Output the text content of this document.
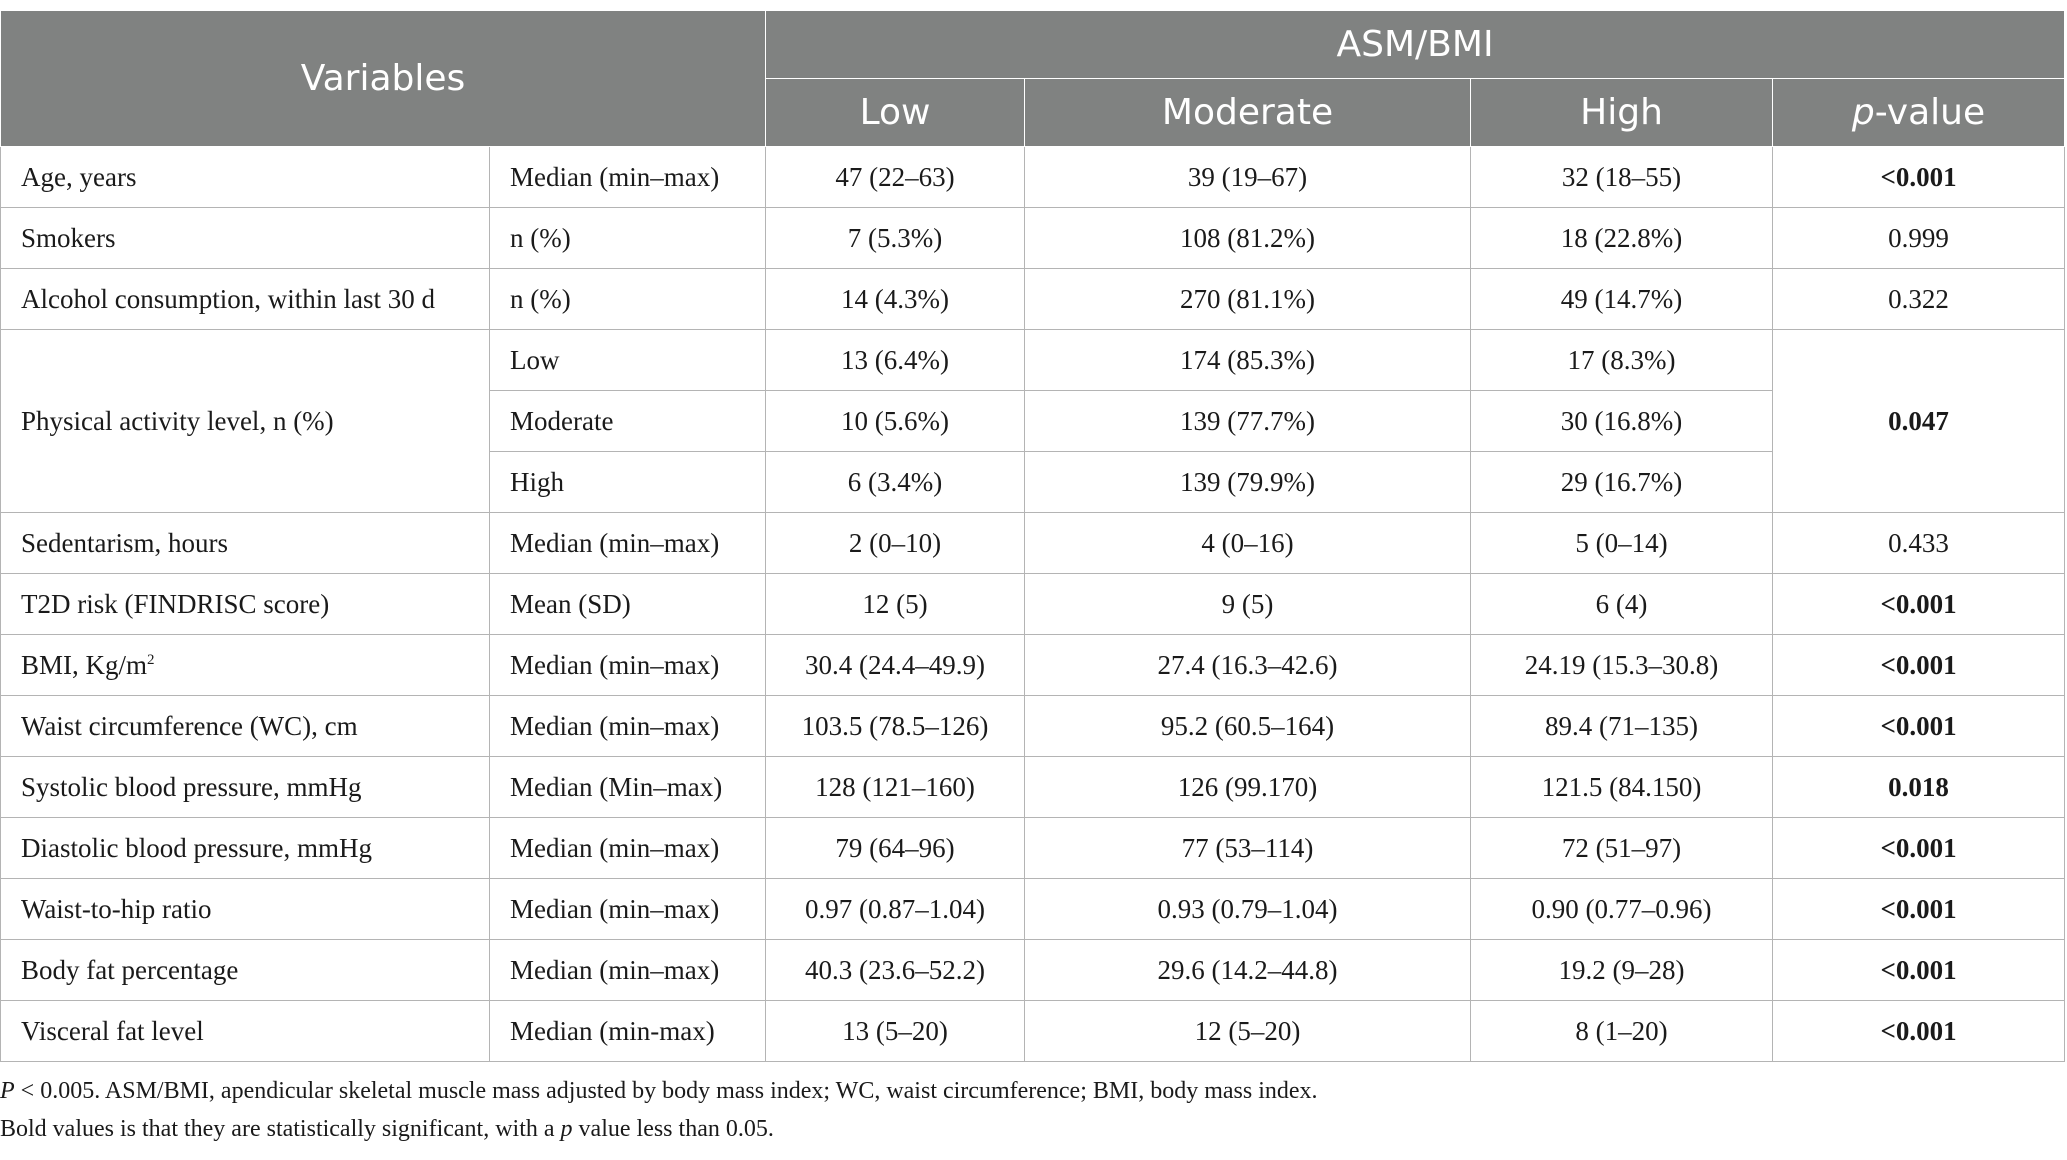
Variables		ASM/BMI			
		Low	Moderate	High	p-value
Age, years	Median (min–max)	47 (22–63)	39 (19–67)	32 (18–55)	<0.001
Smokers	n (%)	7 (5.3%)	108 (81.2%)	18 (22.8%)	0.999
Alcohol consumption, within last 30 d	n (%)	14 (4.3%)	270 (81.1%)	49 (14.7%)	0.322
Physical activity level, n (%)	Low	13 (6.4%)	174 (85.3%)	17 (8.3%)	0.047
	Moderate	10 (5.6%)	139 (77.7%)	30 (16.8%)	
	High	6 (3.4%)	139 (79.9%)	29 (16.7%)	
Sedentarism, hours	Median (min–max)	2 (0–10)	4 (0–16)	5 (0–14)	0.433
T2D risk (FINDRISC score)	Mean (SD)	12 (5)	9 (5)	6 (4)	<0.001
BMI, $Kg/m^2$	Median (min–max)	30.4 (24.4–49.9)	27.4 (16.3–42.6)	24.19 (15.3–30.8)	<0.001
Waist circumference (WC), cm	Median (min–max)	103.5 (78.5–126)	95.2 (60.5–164)	89.4 (71–135)	<0.001
Systolic blood pressure, mmHg	Median (Min–max)	128 (121–160)	126 (99.170)	121.5 (84.150)	0.018
Diastolic blood pressure, mmHg	Median (min–max)	79 (64–96)	77 (53–114)	72 (51–97)	<0.001
Waist-to-hip ratio	Median (min–max)	0.97 (0.87–1.04)	0.93 (0.79–1.04)	0.90 (0.77–0.96)	<0.001
Body fat percentage	Median (min–max)	40.3 (23.6–52.2)	29.6 (14.2–44.8)	19.2 (9–28)	<0.001
Visceral fat level	Median (min-max)	13 (5–20)	12 (5–20)	8 (1–20)	<0.001

P < 0.005. ASM/BMI, apendicular skeletal muscle mass adjusted by body mass index; WC, waist circumference; BMI, body mass index.

Bold values is that they are statistically significant, with a p value less than 0.05.
